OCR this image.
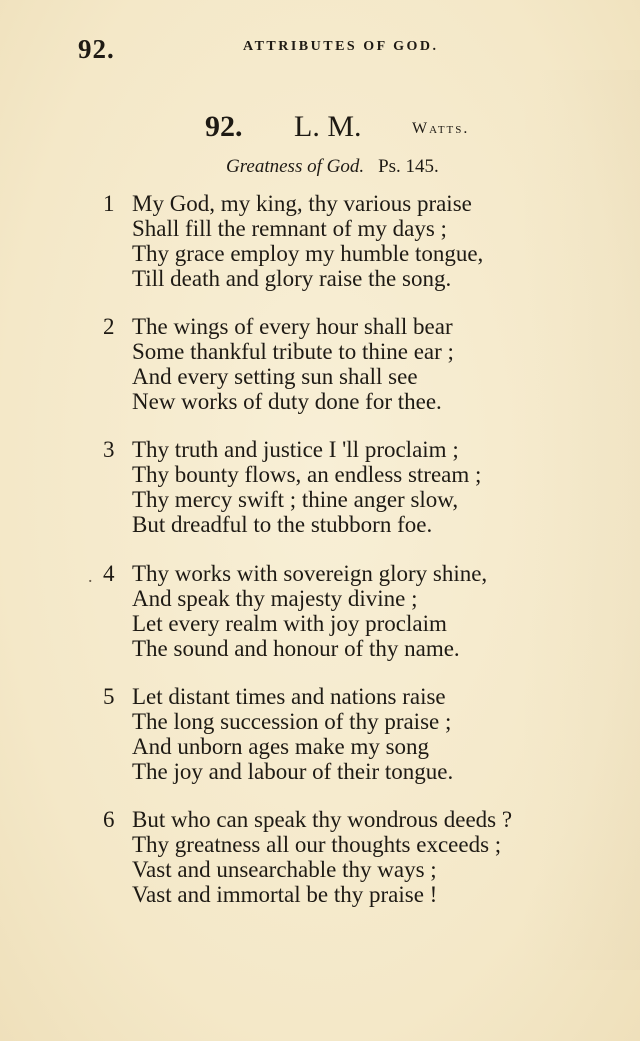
92.	ATTRIBUTES OF GOD.
92. L. M.	Watts.
Greatness of God. Ps. 145.
1 My God, my king, thy various praise
Shall fill the remnant of my days ;
Thy grace employ my humble tongue,
Till death and glory raise the song.
2 The wings of every hour shall bear
Some thankful tribute to thine ear ;
And every setting sun shall see
New works of duty done for thee.
3 Thy truth and justice I 'll proclaim ;
Thy bounty flows, an endless stream ;
Thy mercy swift ; thine anger slow,
But dreadful to the stubborn foe.
. 4 Thy works with sovereign glory shine,
And speak thy majesty divine ;
Let every realm with joy proclaim
The sound and honour of thy name.
5 Let distant times and nations raise
The long succession of thy praise ;
And unborn ages make my song
The joy and labour of their tongue.
6 But who can speak thy wondrous deeds ?
Thy greatness all our thoughts exceeds ;
Vast and unsearchable thy ways ;
Vast and immortal be thy praise !
